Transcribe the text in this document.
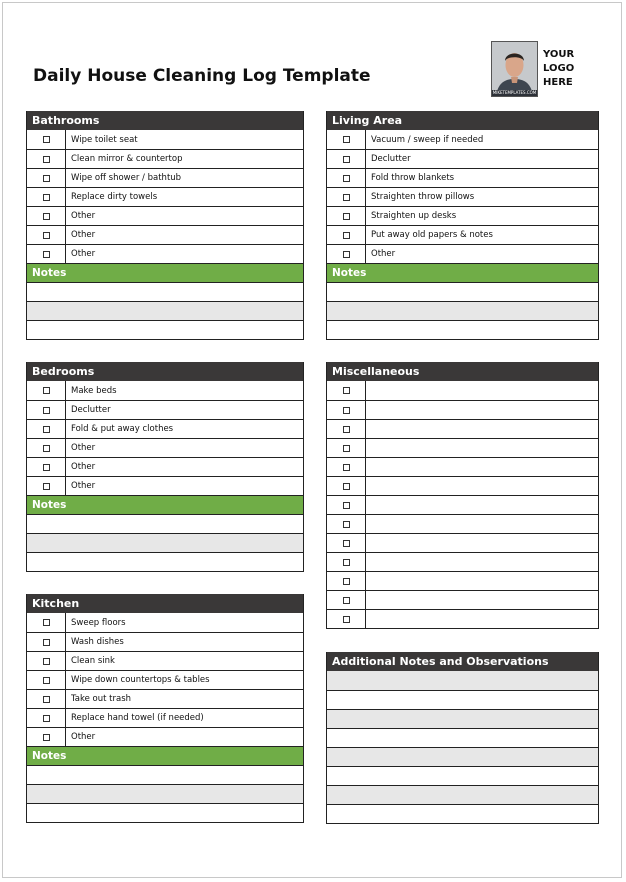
Daily House Cleaning Log Template
MIKETEMPLATES.COM
YOUR
LOGO
HERE
Bathrooms
Wipe toilet seat
Clean mirror & countertop
Wipe off shower / bathtub
Replace dirty towels
Other
Other
Other
Notes
Living Area
Vacuum / sweep if needed
Declutter
Fold throw blankets
Straighten throw pillows
Straighten up desks
Put away old papers & notes
Other
Notes
Bedrooms
Make beds
Declutter
Fold & put away clothes
Other
Other
Other
Notes
Miscellaneous
Kitchen
Sweep floors
Wash dishes
Clean sink
Wipe down countertops & tables
Take out trash
Replace hand towel (if needed)
Other
Notes
Additional Notes and Observations
